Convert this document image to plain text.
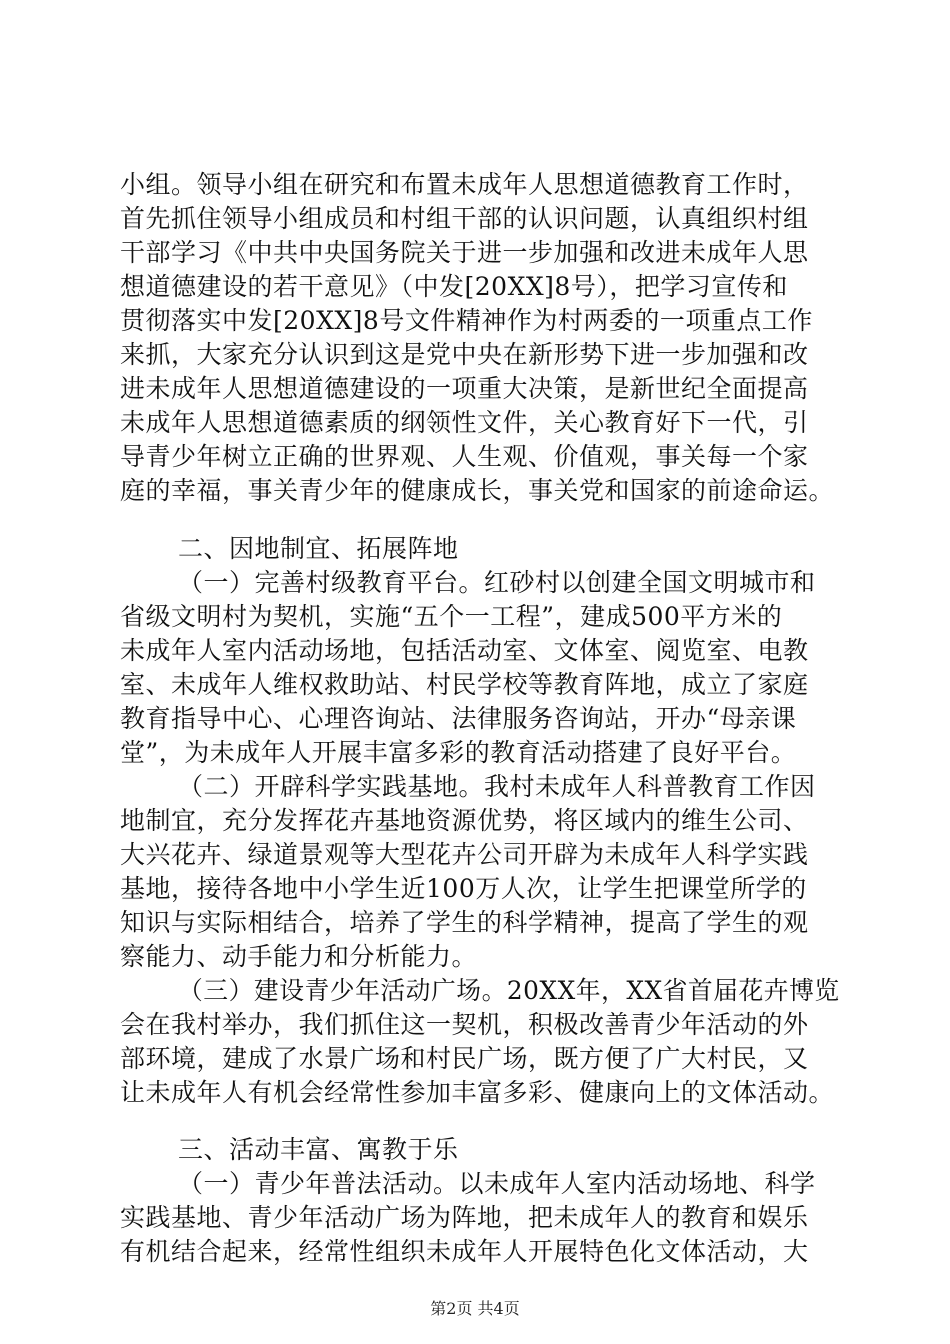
小组。领导小组在研究和布置未成年人思想道德教育工作时，

首先抓住领导小组成员和村组干部的认识问题，认真组织村组

干部学习《中共中央国务院关于进一步加强和改进未成年人思

想道德建设的若干意见》（中发[20XX]8号），把学习宣传和

贯彻落实中发[20XX]8号文件精神作为村两委的一项重点工作

来抓，大家充分认识到这是党中央在新形势下进一步加强和改

进未成年人思想道德建设的一项重大决策，是新世纪全面提高

未成年人思想道德素质的纲领性文件，关心教育好下一代，引

导青少年树立正确的世界观、人生观、价值观，事关每一个家

庭的幸福，事关青少年的健康成长，事关党和国家的前途命运。

二、因地制宜、拓展阵地

（一）完善村级教育平台。红砂村以创建全国文明城市和

省级文明村为契机，实施“五个一工程”，建成500平方米的

未成年人室内活动场地，包括活动室、文体室、阅览室、电教

室、未成年人维权救助站、村民学校等教育阵地，成立了家庭

教育指导中心、心理咨询站、法律服务咨询站，开办“母亲课

堂”，为未成年人开展丰富多彩的教育活动搭建了良好平台。

（二）开辟科学实践基地。我村未成年人科普教育工作因

地制宜，充分发挥花卉基地资源优势，将区域内的维生公司、

大兴花卉、绿道景观等大型花卉公司开辟为未成年人科学实践

基地，接待各地中小学生近100万人次，让学生把课堂所学的

知识与实际相结合，培养了学生的科学精神，提高了学生的观

察能力、动手能力和分析能力。

（三）建设青少年活动广场。20XX年，XX省首届花卉博览

会在我村举办，我们抓住这一契机，积极改善青少年活动的外

部环境，建成了水景广场和村民广场，既方便了广大村民，又

让未成年人有机会经常性参加丰富多彩、健康向上的文体活动。

三、活动丰富、寓教于乐

（一）青少年普法活动。以未成年人室内活动场地、科学

实践基地、青少年活动广场为阵地，把未成年人的教育和娱乐

有机结合起来，经常性组织未成年人开展特色化文体活动，大

第2页 共4页
